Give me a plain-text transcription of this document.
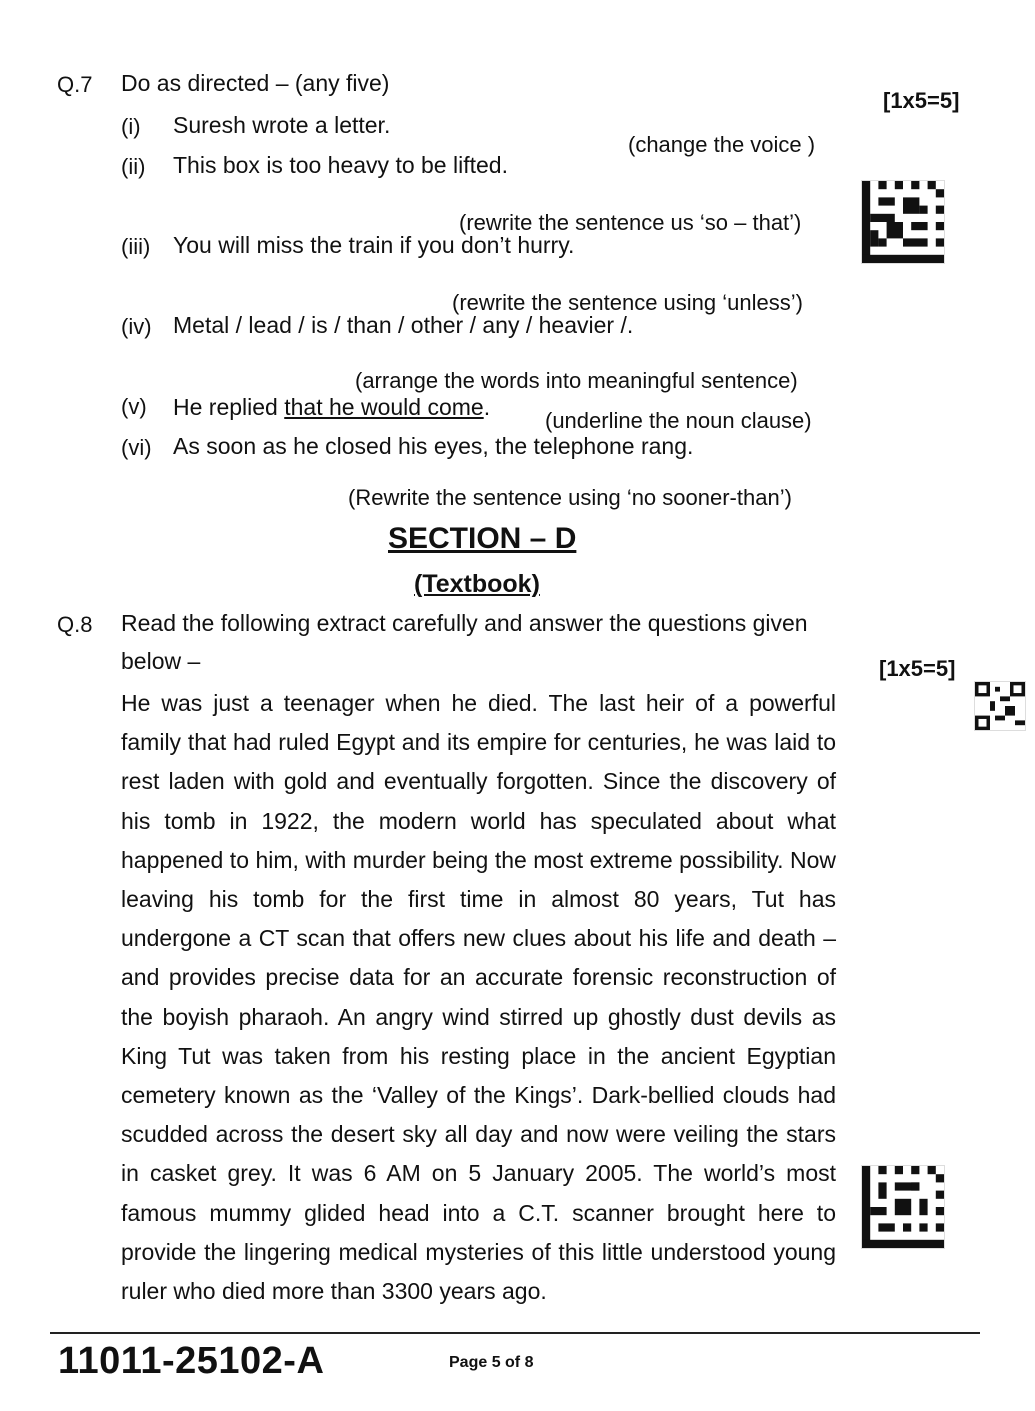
Q.7 Do as directed – (any five)
[1x5=5]
(i) Suresh wrote a letter.
(change the voice )
(ii) This box is too heavy to be lifted.
(rewrite the sentence us ‘so – that’)
(iii) You will miss the train if you don’t hurry.
(rewrite the sentence using ‘unless’)
(iv) Metal / lead / is / than / other / any / heavier /.
(arrange the words into meaningful sentence)
(v) He replied that he would come.
(underline the noun clause)
(vi) As soon as he closed his eyes, the telephone rang.
(Rewrite the sentence using ‘no sooner-than’)
SECTION – D
(Textbook)
Q.8 Read the following extract carefully and answer the questions given
below –	[1x5=5]

He was just a teenager when he died. The last heir of a powerful family that had ruled Egypt and its empire for centuries, he was laid to rest laden with gold and eventually forgotten. Since the discovery of his tomb in 1922, the modern world has speculated about what happened to him, with murder being the most extreme possibility. Now leaving his tomb for the first time in almost 80 years, Tut has undergone a CT scan that offers new clues about his life and death – and provides precise data for an accurate forensic reconstruction of the boyish pharaoh. An angry wind stirred up ghostly dust devils as King Tut was taken from his resting place in the ancient Egyptian cemetery known as the ‘Valley of the Kings’. Dark-bellied clouds had scudded across the desert sky all day and now were veiling the stars in casket grey. It was 6 AM on 5 January 2005. The world’s most famous mummy glided head into a C.T. scanner brought here to provide the lingering medical mysteries of this little understood young ruler who died more than 3300 years ago.

11011-25102-A	Page 5 of 8
